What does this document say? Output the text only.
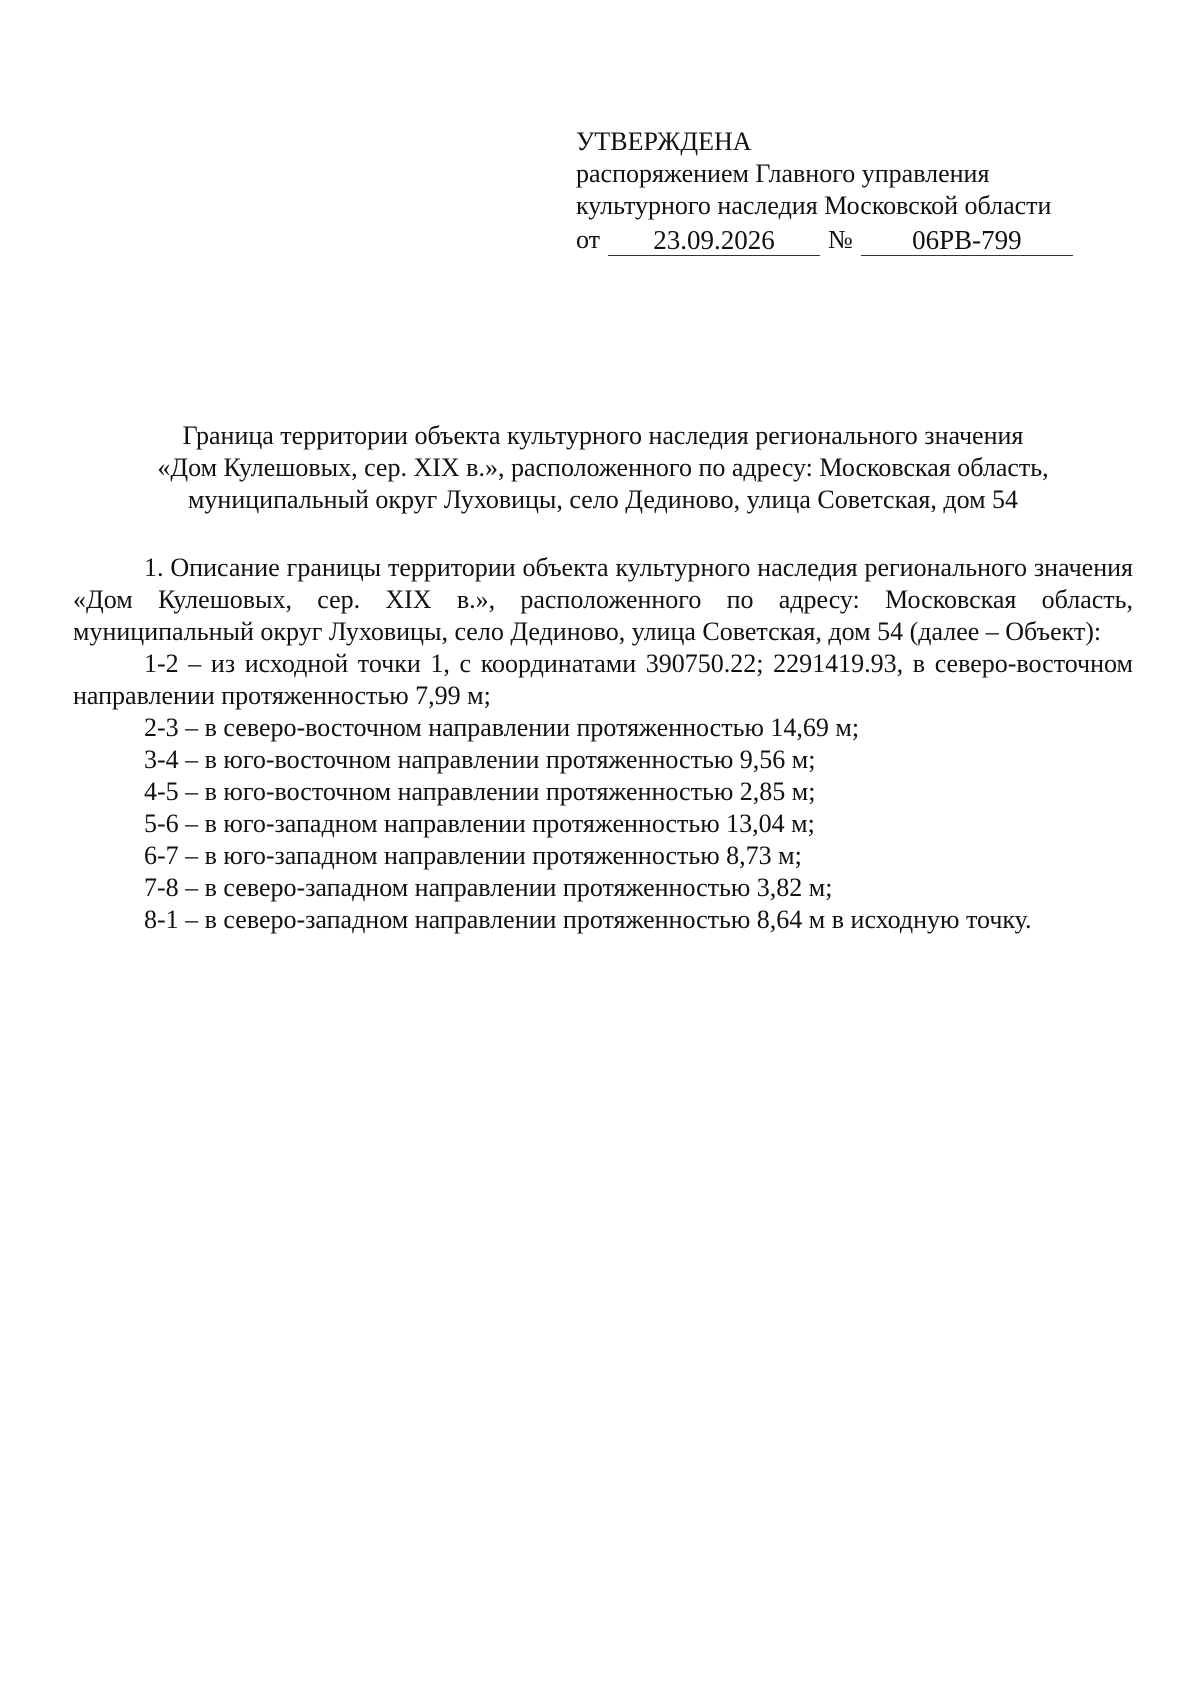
УТВЕРЖДЕНА
распоряжением Главного управления
культурного наследия Московской области
от 23.09.2026 № 06РВ-799
Граница территории объекта культурного наследия регионального значения
«Дом Кулешовых, сер. XIX в.», расположенного по адресу: Московская область,
муниципальный округ Луховицы, село Дединово, улица Советская, дом 54

1. Описание границы территории объекта культурного наследия регионального значения «Дом Кулешовых, сер. XIX в.», расположенного по адресу: Московская область, муниципальный округ Луховицы, село Дединово, улица Советская, дом 54 (далее – Объект):

1-2 – из исходной точки 1, с координатами 390750.22; 2291419.93, в северо-восточном направлении протяженностью 7,99 м;

2-3 – в северо-восточном направлении протяженностью 14,69 м;

3-4 – в юго-восточном направлении протяженностью 9,56 м;

4-5 – в юго-восточном направлении протяженностью 2,85 м;

5-6 – в юго-западном направлении протяженностью 13,04 м;

6-7 – в юго-западном направлении протяженностью 8,73 м;

7-8 – в северо-западном направлении протяженностью 3,82 м;

8-1 – в северо-западном направлении протяженностью 8,64 м в исходную точку.
